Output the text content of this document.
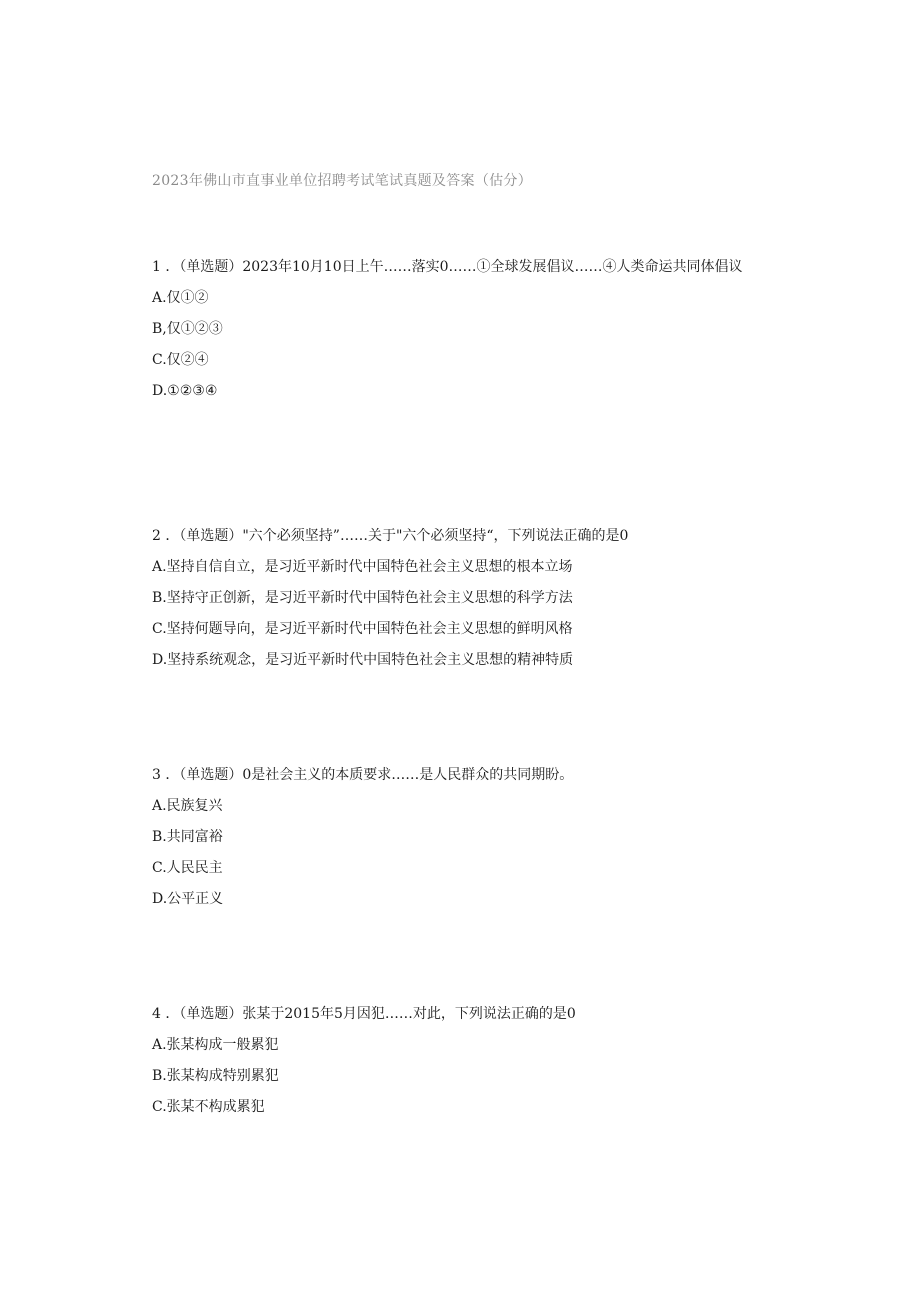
2023年佛山市直事业单位招聘考试笔试真题及答案（估分）
1 ．（单选题）2023年10月10日上午……落实0……①全球发展倡议……④人类命运共同体倡议
A.仅①②
B,仅①②③
C.仅②④
D.①②③④
2 ．（单选题）"六个必须坚持”……关于"六个必须坚持“，下列说法正确的是0
A.坚持自信自立，是习近平新时代中国特色社会主义思想的根本立场
B.坚持守正创新，是习近平新时代中国特色社会主义思想的科学方法
C.坚持何题导向，是习近平新时代中国特色社会主义思想的鲜明风格
D.坚持系统观念，是习近平新时代中国特色社会主义思想的精神特质
3 ．（单选题）0是社会主义的本质要求……是人民群众的共同期盼。
A.民族复兴
B.共同富裕
C.人民民主
D.公平正义
4 ．（单选题）张某于2015年5月因犯……对此，下列说法正确的是0
A.张某构成一般累犯
B.张某构成特别累犯
C.张某不构成累犯
